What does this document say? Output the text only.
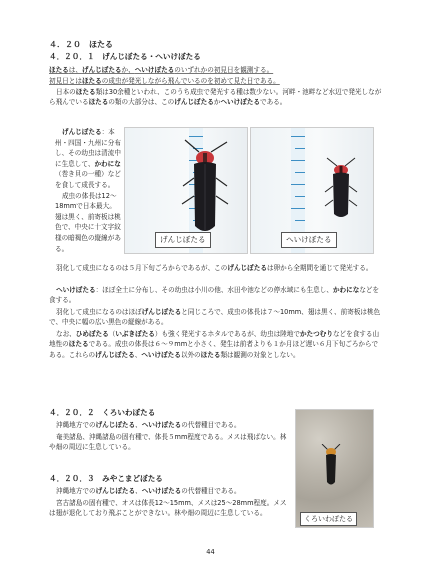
４．２０　ほたる
４．２０．１　げんじぼたる・へいけぼたる
ほたるは、げんじぼたるか、へいけぼたるのいずれかの初見日を観測する。
初見日とはほたるの成虫が発光しながら飛んでいるのを初めて見た日である。
日本のほたる類は30余種といわれ、このうち成虫で発光する種は数少ない。河畔・池畔など水辺で発光しながら飛んでいるほたるの類の大部分は、このげんじぼたるかへいけぼたるである。
げんじぼたる：本州・四国・九州に分布し、その幼虫は清流中に生息して、かわにな（巻き貝の一種）などを食して成長する。
成虫の体長は12～18mmで日本最大。翅は黒く、前寄板は桃色で、中央に十文字紋様の暗褐色の縦線がある。
げんじぼたる	へいけぼたる
羽化して成虫になるのは５月下旬ごろからであるが、このげんじぼたるは卵から全期間を通じて発光する。
へいけぼたる：ほぼ全土に分布し、その幼虫は小川の他、水田や池などの停水域にも生息し、かわにななどを食する。
羽化して成虫になるのはほぼげんじぼたると同じころで、成虫の体長は７～10mm、翅は黒く、前寄板は桃色で、中央に幅の広い黒色の縦線がある。
なお、ひめぼたる（いぶきぼたる）も強く発光するホタルであるが、幼虫は陸地でかたつむりなどを食する山地性のほたるである。成虫の体長は６～９mmと小さく、発生は前者よりも１か月ほど遅い６月下旬ごろからである。これらのげんじぼたる、へいけぼたる以外のほたる類は観測の対象としない。
４．２０．２　くろいわぼたる
沖縄地方でのげんじぼたる、へいけぼたるの代替種目である。
奄美諸島、沖縄諸島の固有種で、体長５mm程度である。メスは飛ばない。林や畑の周辺に生息している。
くろいわぼたる
４．２０．３　みやこまどぼたる
沖縄地方でのげんじぼたる、へいけぼたるの代替種目である。
宮古諸島の固有種で、オスは体長12～15mm、メスは25～28mm程度。メスは翅が退化しており飛ぶことができない。林や畑の周辺に生息している。
44
